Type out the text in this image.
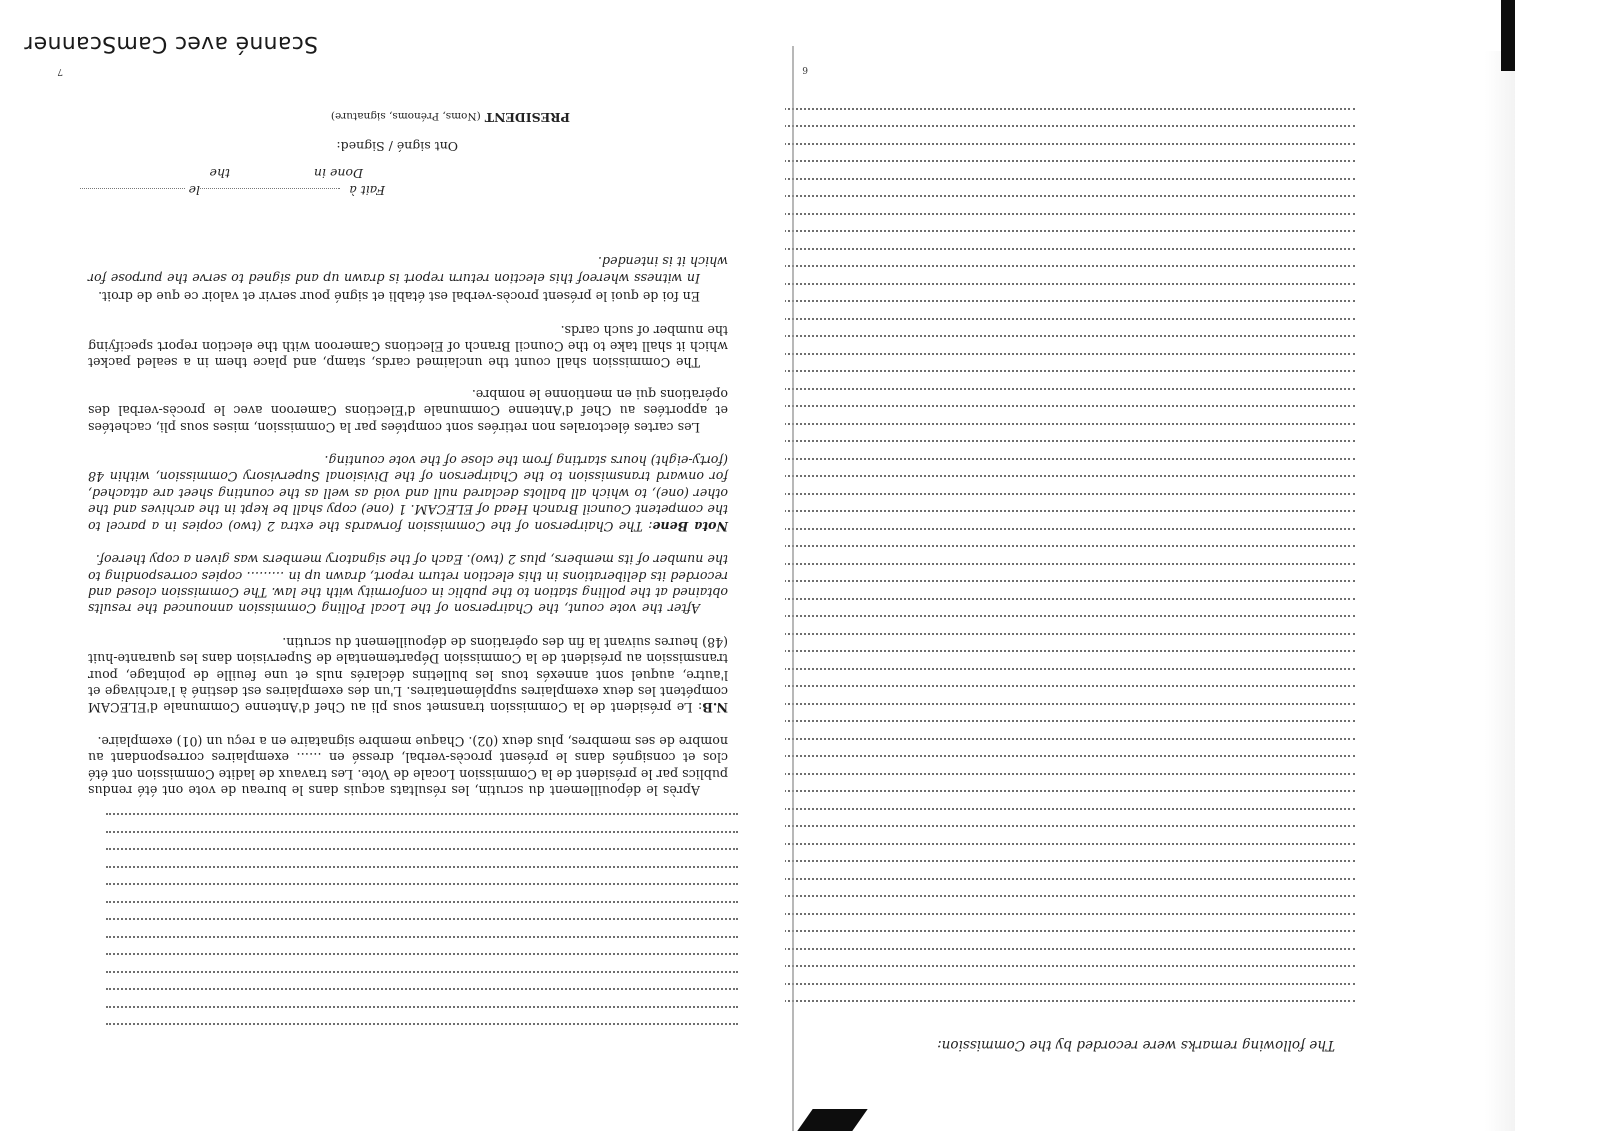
6
The following remarks were recorded by the Commission:
7

Après le dépouillement du scrutin, les résultats acquis dans le bureau de vote ont été rendus publics par le président de la Commission Locale de Vote. Les travaux de ladite Commission ont été clos et consignés dans le présent procès-verbal, dressé en …… exemplaires correspondant au nombre de ses membres, plus deux (02). Chaque membre signataire en a reçu un (01) exemplaire.

N.B: Le président de la Commission transmet sous pli au Chef d'Antenne Communale d'ELECAM compétent les deux exemplaires supplémentaires. L'un des exemplaires est destiné à l'archivage et l'autre, auquel sont annexés tous les bulletins déclarés nuls et une feuille de pointage, pour transmission au président de la Commission Départementale de Supervision dans les quarante-huit (48) heures suivant la fin des opérations de dépouillement du scrutin.

After the vote count, the Chairperson of the Local Polling Commission announced the results obtained at the polling station to the public in conformity with the law. The Commission closed and recorded its deliberations in this election return report, drawn up in ……… copies corresponding to the number of its members, plus 2 (two). Each of the signatory members was given a copy thereof.

Nota Bene: The Chairperson of the Commission forwards the extra 2 (two) copies in a parcel to the competent Council Branch Head of ELECAM. 1 (one) copy shall be kept in the archives and the other (one), to which all ballots declared null and void as well as the counting sheet are attached, for onward transmission to the Chairperson of the Divisional Supervisory Commission, within 48 (forty-eight) hours starting from the close of the vote counting.

Les cartes électorales non retirées sont comptées par la Commission, mises sous pli, cachetées et apportées au Chef d'Antenne Communale d'Elections Cameroon avec le procès-verbal des opérations qui en mentionne le nombre.

The Commission shall count the unclaimed cards, stamp, and place them in a sealed packet which it shall take to the Council Branch of Elections Cameroon with the election report specifying the number of such cards.

En foi de quoi le présent procès-verbal est établi et signé pour servir et valoir ce que de droit.

In witness whereof this election return report is drawn up and signed to serve the purpose for which it is intended.

Fait à
le
Done in
the
Ont signé / Signed:
PRESIDENT (Noms, Prénoms, signature)
Scanné avec CamScanner
